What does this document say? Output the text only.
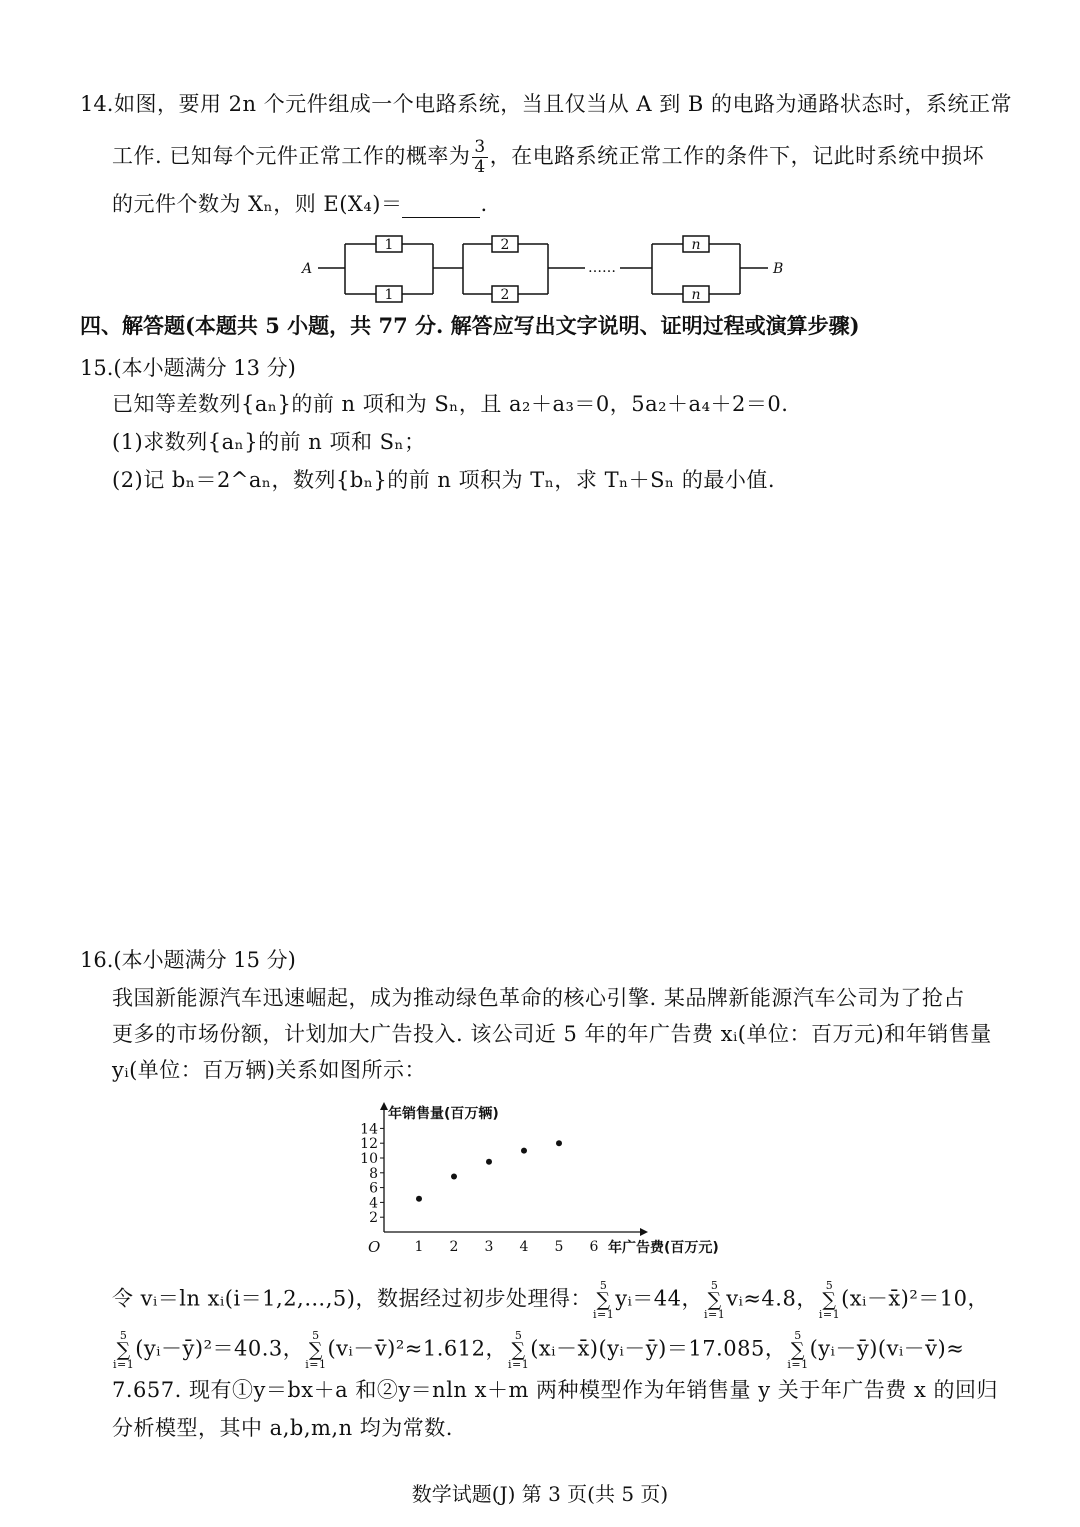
14. 如图，要用 2n 个元件组成一个电路系统，当且仅当从 A 到 B 的电路为通路状态时，系统正常
工作. 已知每个元件正常工作的概率为 $\frac{3}{4}$ ，在电路系统正常工作的条件下，记此时系统中损坏
的元件个数为 Xₙ，则 E(X₄)＝	.
A	B
1
1
2
2
n
n
……
四、解答题(本题共 5 小题，共 77 分. 解答应写出文字说明、证明过程或演算步骤)
15.(本小题满分 13 分)
已知等差数列{aₙ}的前 n 项和为 Sₙ，且 a₂＋a₃＝0，5a₂＋a₄＋2＝0.
(1)求数列{aₙ}的前 n 项和 Sₙ；
(2)记 bₙ＝2^aₙ，数列{bₙ}的前 n 项积为 Tₙ，求 Tₙ＋Sₙ 的最小值.
16.(本小题满分 15 分)
我国新能源汽车迅速崛起，成为推动绿色革命的核心引擎. 某品牌新能源汽车公司为了抢占
更多的市场份额，计划加大广告投入. 该公司近 5 年的年广告费 xᵢ(单位：百万元)和年销售量
yᵢ(单位：百万辆)关系如图所示：
1 2 3 4 5 6
2
4
6
8
10
12
14
年销售量(百万辆)
年广告费(百万元)
O
令 vᵢ＝ln xᵢ(i＝1,2,…,5)，数据经过初步处理得：5
∑
i=1yᵢ＝44，5
∑
i=1vᵢ≈4.8，5
∑
i=1(xᵢ－x̄)²＝10，
5
∑
i=1(yᵢ－ȳ)²＝40.3，5
∑
i=1(vᵢ－v̄)²≈1.612，5
∑
i=1(xᵢ－x̄)(yᵢ－ȳ)＝17.085，5
∑
i=1(yᵢ－ȳ)(vᵢ－v̄)≈
7.657. 现有①y＝bx＋a 和②y＝nln x＋m 两种模型作为年销售量 y 关于年广告费 x 的回归
分析模型，其中 a,b,m,n 均为常数.
数学试题(J) 第 3 页(共 5 页)
